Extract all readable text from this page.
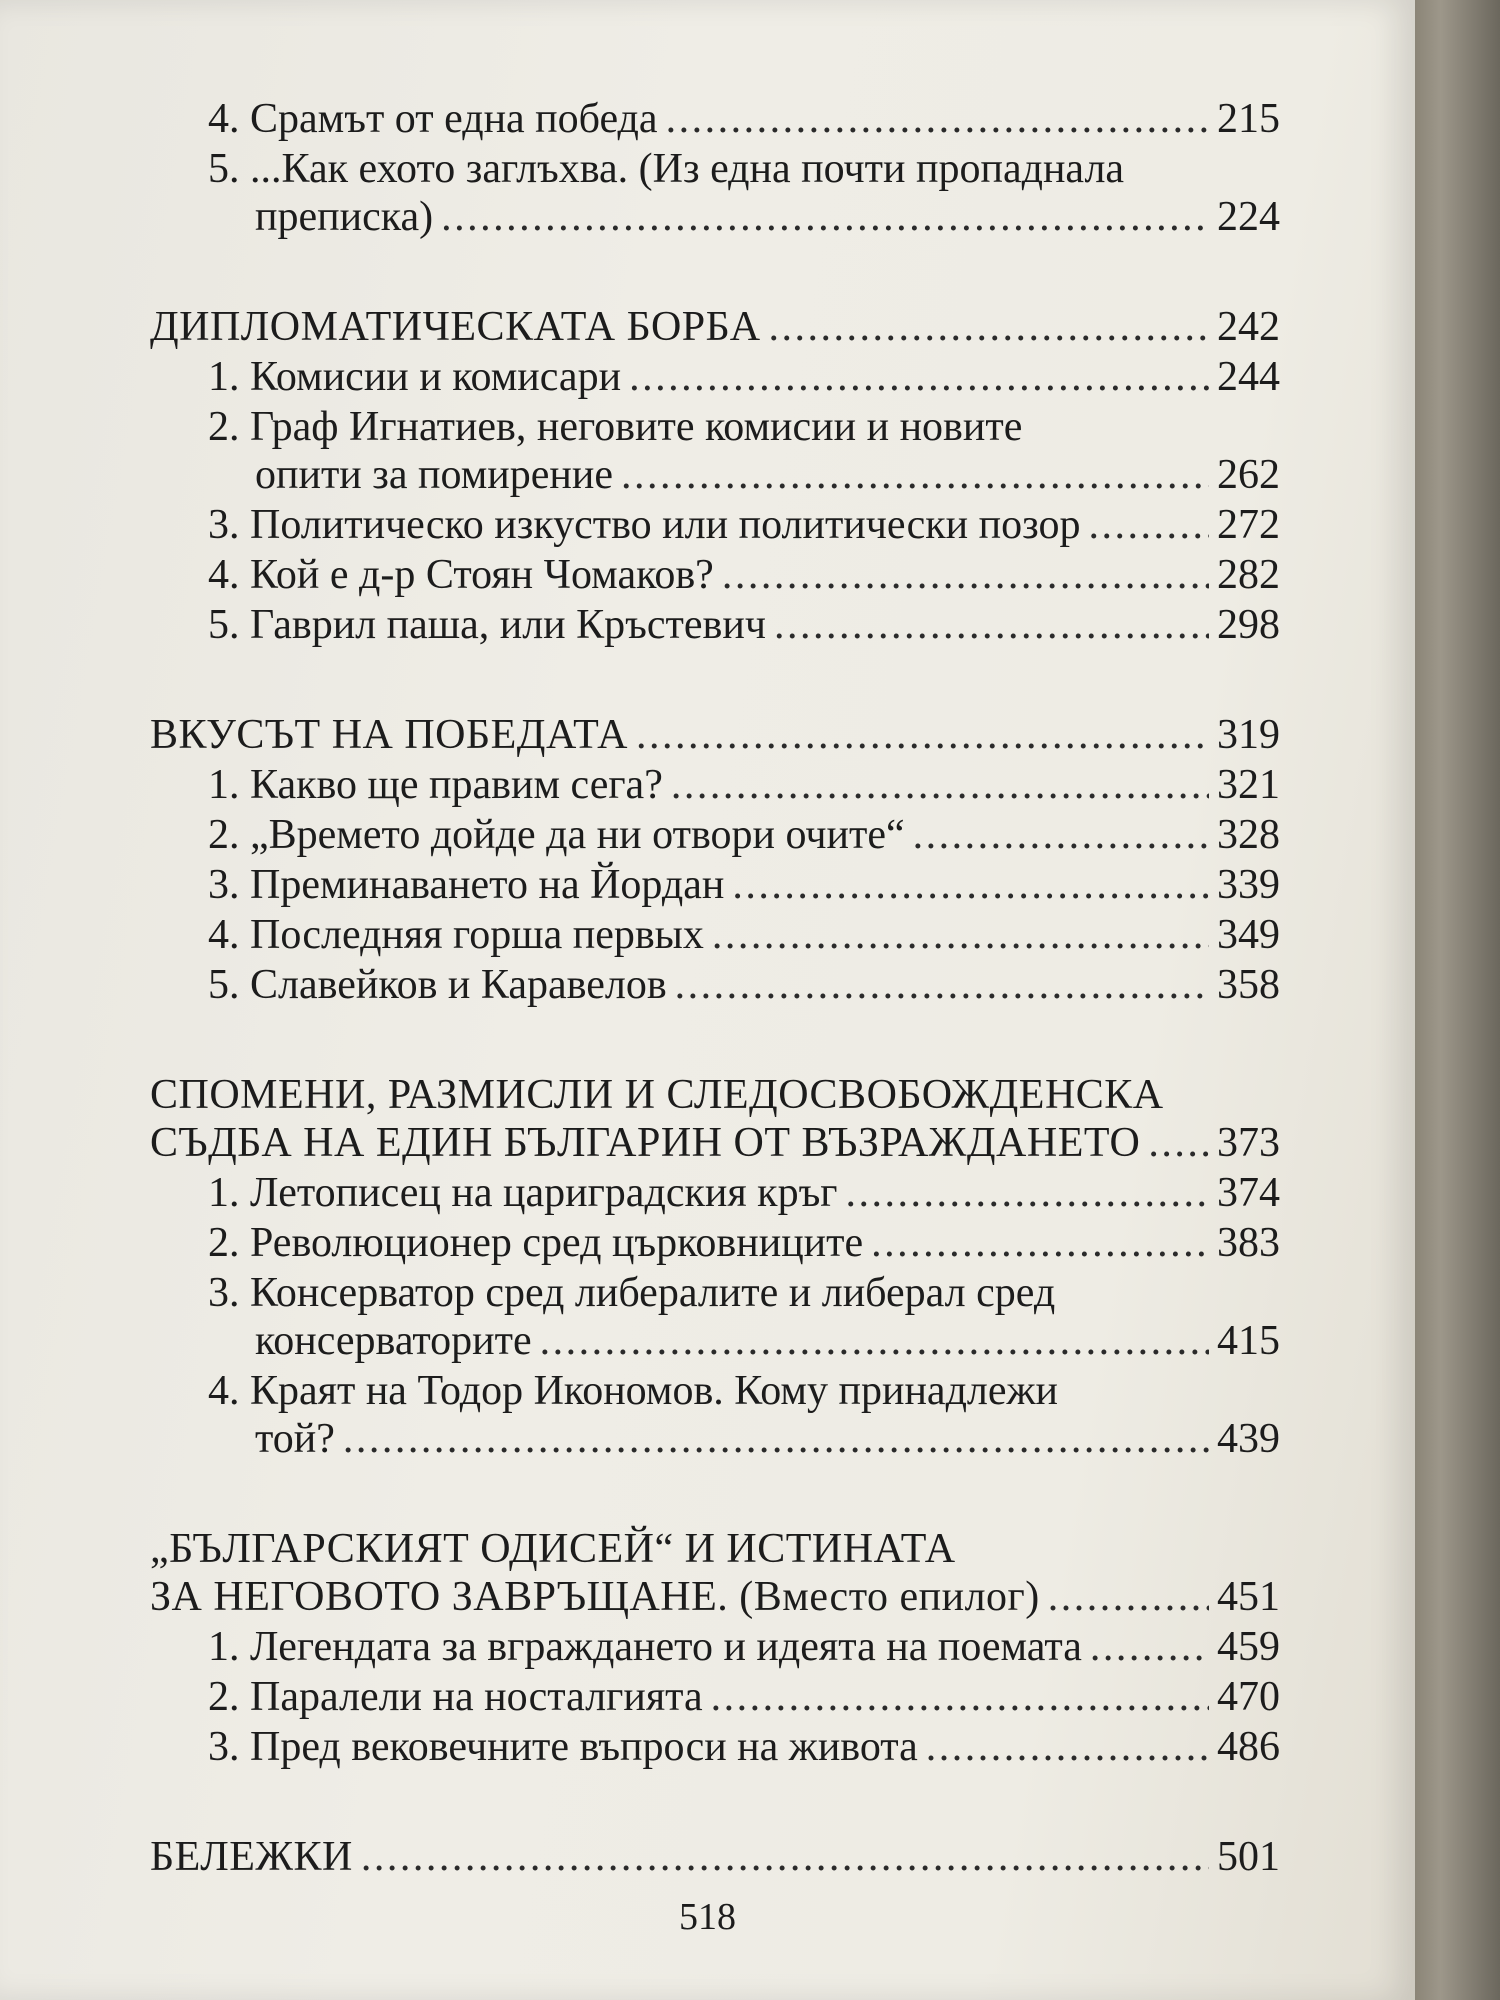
4. Срамът от една победа . . .	215
5. ...Как ехото заглъхва. (Из една почти пропаднала
преписка) . . .	224
ДИПЛОМАТИЧЕСКАТА БОРБА . . .	242
1. Комисии и комисари . . .	244
2. Граф Игнатиев, неговите комисии и новите
опити за помирение . . .	262
3. Политическо изкуство или политически позор . . .	272
4. Кой е д-р Стоян Чомаков? . . .	282
5. Гаврил паша, или Кръстевич . . .	298
ВКУСЪТ НА ПОБЕДАТА . . .	319
1. Какво ще правим сега? . . .	321
2. „Времето дойде да ни отвори очите“ . . .	328
3. Преминаването на Йордан . . .	339
4. Последняя горша первых . . .	349
5. Славейков и Каравелов . . .	358
СПОМЕНИ, РАЗМИСЛИ И СЛЕДОСВОБОЖДЕНСКА
СЪДБА НА ЕДИН БЪЛГАРИН ОТ ВЪЗРАЖДАНЕТО . . . 373
1. Летописец на цариградския кръг . . .	374
2. Революционер сред църковниците . . .	383
3. Консерватор сред либералите и либерал сред
консерваторите . . .	415
4. Краят на Тодор Икономов. Кому принадлежи
той? . . .	439
„БЪЛГАРСКИЯТ ОДИСЕЙ“ И ИСТИНАТА
ЗА НЕГОВОТО ЗАВРЪЩАНЕ. (Вместо епилог) . . .	451
1. Легендата за вграждането и идеята на поемата . . .	459
2. Паралели на носталгията . . .	470
3. Пред вековечните въпроси на живота . . .	486
БЕЛЕЖКИ . . .	501
518
